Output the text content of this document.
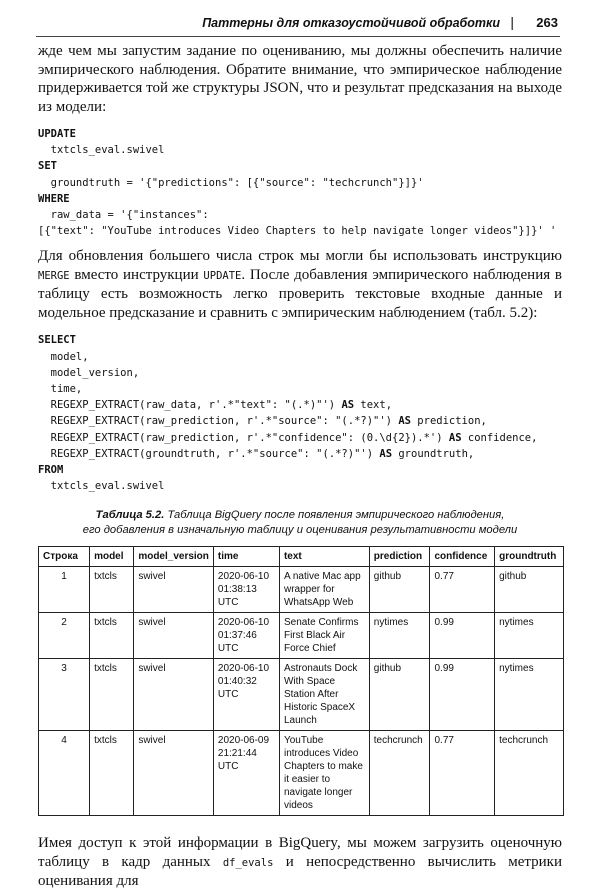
Паттерны для отказоустойчивой обработки | 263

жде чем мы запустим задание по оцениванию, мы должны обеспечить наличие эмпирического наблюдения. Обратите внимание, что эмпирическое наблюдение придерживается той же структуры JSON, что и результат предсказания на выходе из модели:

UPDATE
txtcls_eval.swivel
SET
groundtruth = '{"predictions": [{"source": "techcrunch"}]}'
WHERE
raw_data = '{"instances":
[{"text": "YouTube introduces Video Chapters to help navigate longer videos"}]}' '

Для обновления большего числа строк мы могли бы использовать инструкцию MERGE вместо инструкции UPDATE. После добавления эмпирического наблюдения в таблицу есть возможность легко проверить текстовые входные данные и модельное предсказание и сравнить с эмпирическим наблюдением (табл. 5.2):

SELECT
model,
model_version,
time,
REGEXP_EXTRACT(raw_data, r'.*"text": "(.*)"') AS text,
REGEXP_EXTRACT(raw_prediction, r'.*"source": "(.*?)"') AS prediction,
REGEXP_EXTRACT(raw_prediction, r'.*"confidence": (0.\d{2}).*') AS confidence,
REGEXP_EXTRACT(groundtruth, r'.*"source": "(.*?)"') AS groundtruth,
FROM
txtcls_eval.swivel
Таблица 5.2. Таблица BigQuery после появления эмпирического наблюдения,
его добавления в изначальную таблицу и оценивания результативности модели
Строка	model	model_version	time	text	prediction	confidence	groundtruth
1	txtcls	swivel	2020-06-10 01:38:13 UTC	A native Mac app wrapper for WhatsApp Web	github	0.77	github
2	txtcls	swivel	2020-06-10 01:37:46 UTC	Senate Confirms First Black Air Force Chief	nytimes	0.99	nytimes
3	txtcls	swivel	2020-06-10 01:40:32 UTC	Astronauts Dock With Space Station After Historic SpaceX Launch	github	0.99	nytimes
4	txtcls	swivel	2020-06-09 21:21:44 UTC	YouTube introduces Video Chapters to make it easier to navigate longer videos	techcrunch	0.77	techcrunch

Имея доступ к этой информации в BigQuery, мы можем загрузить оценочную таблицу в кадр данных df_evals и непосредственно вычислить метрики оценивания для
